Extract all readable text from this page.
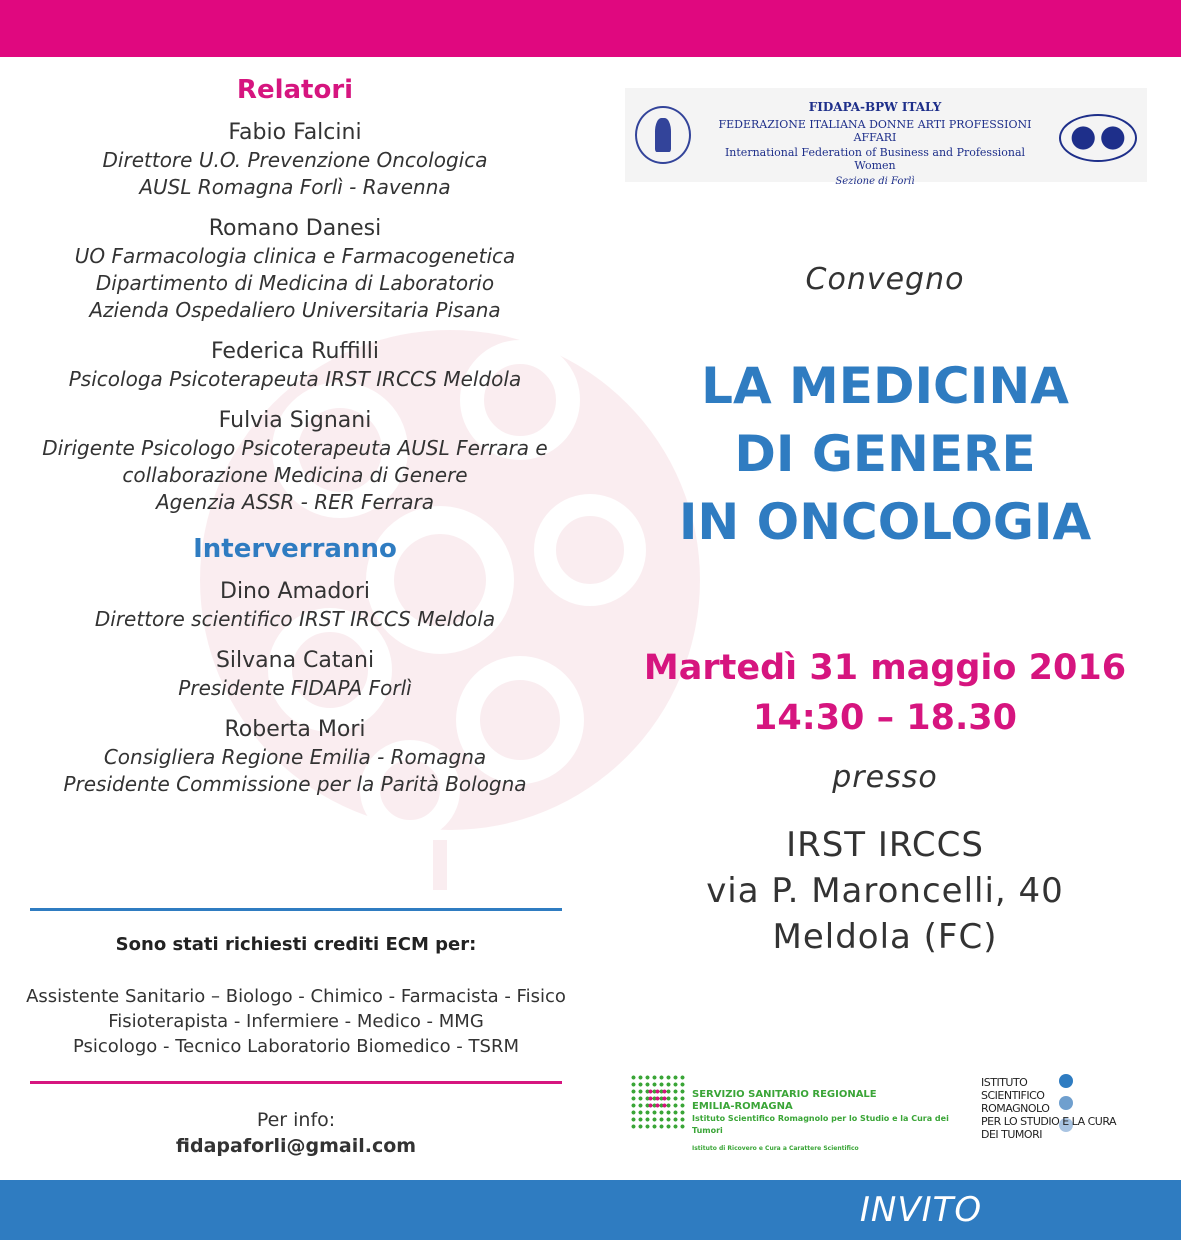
Relatori
Fabio Falcini
Direttore U.O. Prevenzione Oncologica
AUSL Romagna Forlì - Ravenna
Romano Danesi
UO Farmacologia clinica e Farmacogenetica
Dipartimento di Medicina di Laboratorio
Azienda Ospedaliero Universitaria Pisana
Federica Ruffilli
Psicologa Psicoterapeuta IRST IRCCS Meldola
Fulvia Signani
Dirigente Psicologo Psicoterapeuta AUSL Ferrara e
collaborazione Medicina di Genere
Agenzia ASSR - RER Ferrara
Interverranno
Dino Amadori
Direttore scientifico IRST IRCCS Meldola
Silvana Catani
Presidente FIDAPA Forlì
Roberta Mori
Consigliera Regione Emilia - Romagna
Presidente Commissione per la Parità Bologna
Sono stati richiesti crediti ECM per:
Assistente Sanitario – Biologo - Chimico - Farmacista - Fisico
Fisioterapista - Infermiere - Medico - MMG
Psicologo - Tecnico Laboratorio Biomedico - TSRM
Per info:
fidapaforli@gmail.com
FIDAPA-BPW ITALY
FEDERAZIONE ITALIANA DONNE ARTI PROFESSIONI AFFARI
International Federation of Business and Professional Women
Sezione di Forlì
Convegno
LA MEDICINA
DI GENERE
IN ONCOLOGIA
Martedì 31 maggio 2016
14:30 – 18.30
presso
IRST IRCCS
via P. Maroncelli, 40
Meldola (FC)
SERVIZIO SANITARIO REGIONALE
EMILIA-ROMAGNA
Istituto Scientifico Romagnolo per lo Studio e la Cura dei Tumori
Istituto di Ricovero e Cura a Carattere Scientifico
ISTITUTO
SCIENTIFICO
ROMAGNOLO
PER LO STUDIO E LA CURA
DEI TUMORI
INVITO
